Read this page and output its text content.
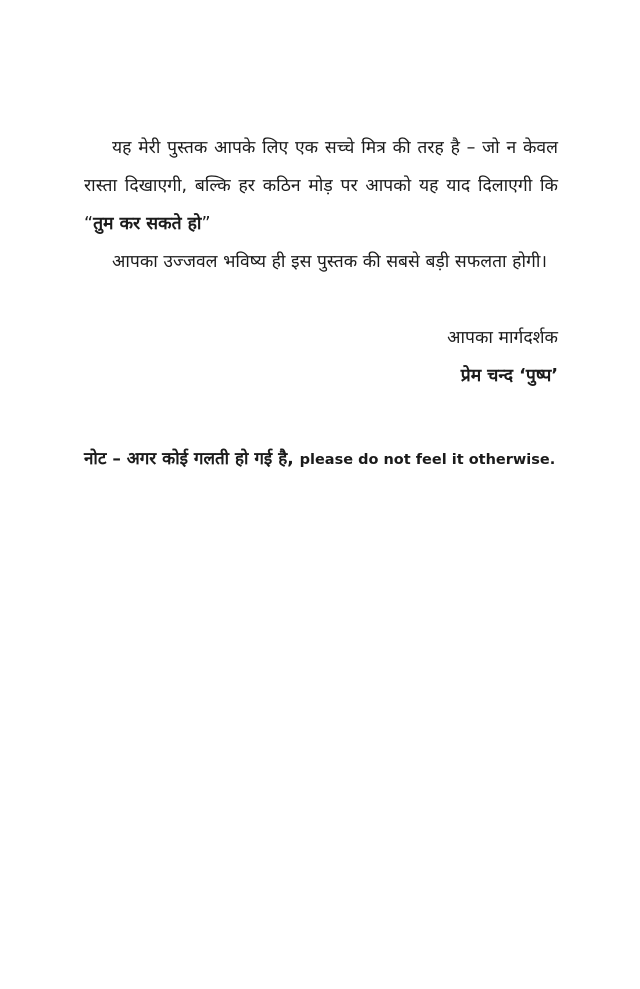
यह मेरी पुस्तक आपके लिए एक सच्चे मित्र की तरह है – जो न केवल रास्ता दिखाएगी, बल्कि हर कठिन मोड़ पर आपको यह याद दिलाएगी कि “तुम कर सकते हो”

आपका उज्जवल भविष्य ही इस पुस्तक की सबसे बड़ी सफलता होगी।

आपका मार्गदर्शक

प्रेम चन्द ‘पुष्प’

नोट – अगर कोई गलती हो गई है, please do not feel it otherwise.
